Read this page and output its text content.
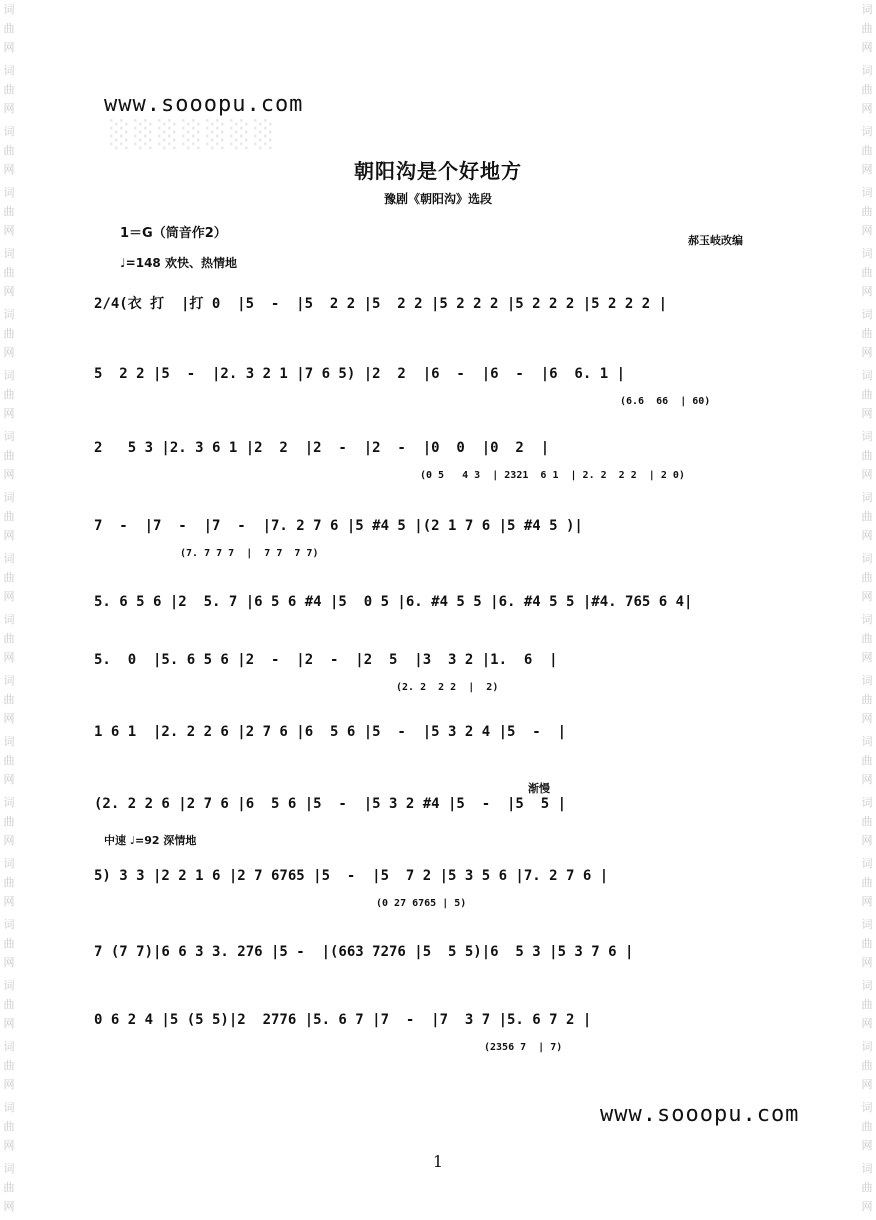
词
曲
网
词
曲
网
词
曲
网
词
曲
网
词
曲
网
词
曲
网
词
曲
网
词
曲
网
词
曲
网
词
曲
网
词
曲
网
词
曲
网
词
曲
网
词
曲
网
词
曲
网
词
曲
网
词
曲
网
词
曲
网
词
曲
网
词
曲
网
词
曲
网
词
曲
网
词
曲
网
词
曲
网
词
曲
网
词
曲
网
词
曲
网
词
曲
网
词
曲
网
词
曲
网
词
曲
网
词
曲
网
词
曲
网
词
曲
网
词
曲
网
词
曲
网
词
曲
网
词
曲
网
词
曲
网
词
曲
网
░░░░░░░
www.sooopu.com
朝阳沟是个好地方
豫剧《朝阳沟》选段
1＝G（筒音作2）	郝玉岐改编
♩=148 欢快、热情地
2/4(衣 打  |打 0  |5  -  |5  2 2 |5  2 2 |5 2 2 2 |5 2 2 2 |5 2 2 2 |
5  2 2 |5  -  |2. 3 2 1 |7 6 5) |2  2  |6  -  |6  -  |6  6. 1 |
(6.6  66  | 60)
2   5 3 |2. 3 6 1 |2  2  |2  -  |2  -  |0  0  |0  2  |
(0 5   4 3  | 2321  6 1  | 2. 2  2 2  | 2 0)
7  -  |7  -  |7  -  |7. 2 7 6 |5 #4 5 |(2 1 7 6 |5 #4 5 )|
(7. 7 7 7  |  7 7  7 7)
5. 6 5 6 |2  5. 7 |6 5 6 #4 |5  0 5 |6. #4 5 5 |6. #4 5 5 |#4. 765 6 4|
5.  0  |5. 6 5 6 |2  -  |2  -  |2  5  |3  3 2 |1.  6  |
(2. 2  2 2  |  2)
1 6 1  |2. 2 2 6 |2 7 6 |6  5 6 |5  -  |5 3 2 4 |5  -  |
(2. 2 2 6 |2 7 6 |6  5 6 |5  -  |5 3 2 #4 |5  -  |5  5 |
5) 3 3 |2 2 1 6 |2 7 6765 |5  -  |5  7 2 |5 3 5 6 |7. 2 7 6 |
(0 27 6765 | 5)
7 (7 7)|6 6 3 3. 276 |5 -  |(663 7276 |5  5 5)|6  5 3 |5 3 7 6 |
0 6 2 4 |5 (5 5)|2  2776 |5. 6 7 |7  -  |7  3 7 |5. 6 7 2 |
(2356 7  | 7)
渐慢
中速 ♩=92 深情地
www.sooopu.com
1
